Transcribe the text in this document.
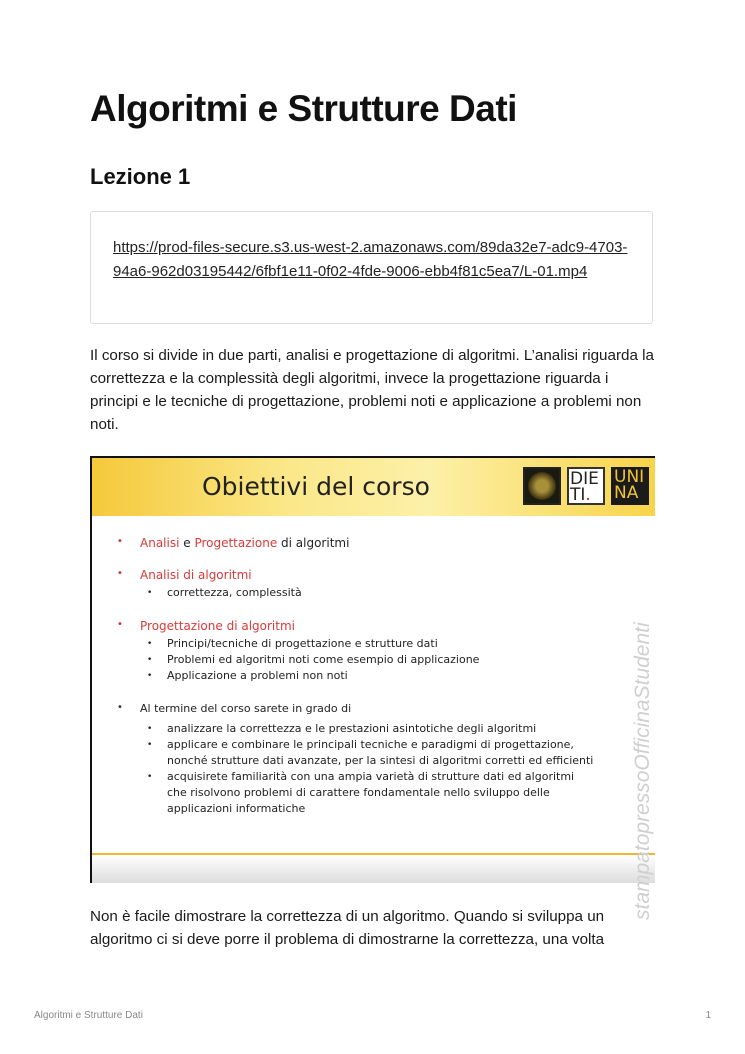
Algoritmi e Strutture Dati
Lezione 1
https://prod-files-secure.s3.us-west-2.amazonaws.com/89da32e7-adc9-4703-94a6-962d03195442/6fbf1e11-0f02-4fde-9006-ebb4f81c5ea7/L-01.mp4

Il corso si divide in due parti, analisi e progettazione di algoritmi. L’analisi riguarda la correttezza e la complessità degli algoritmi, invece la progettazione riguarda i principi e le tecniche di progettazione, problemi noti e applicazione a problemi non noti.

Obiettivi del corso	DIE
TI.
UNI
NA
• Analisi e Progettazione di algoritmi
• Analisi di algoritmi
• correttezza, complessità
• Progettazione di algoritmi
• Principi/tecniche di progettazione e strutture dati
• Problemi ed algoritmi noti come esempio di applicazione
• Applicazione a problemi non noti
• Al termine del corso sarete in grado di
• analizzare la correttezza e le prestazioni asintotiche degli algoritmi
• applicare e combinare le principali tecniche e paradigmi di progettazione, nonché strutture dati avanzate, per la sintesi di algoritmi corretti ed efficienti
• acquisirete familiarità con una ampia varietà di strutture dati ed algoritmi che risolvono problemi di carattere fondamentale nello sviluppo delle applicazioni informatiche	stampatopressoOfficinaStudenti

Non è facile dimostrare la correttezza di un algoritmo. Quando si sviluppa un algoritmo ci si deve porre il problema di dimostrarne la correttezza, una volta

Algoritmi e Strutture Dati	1
